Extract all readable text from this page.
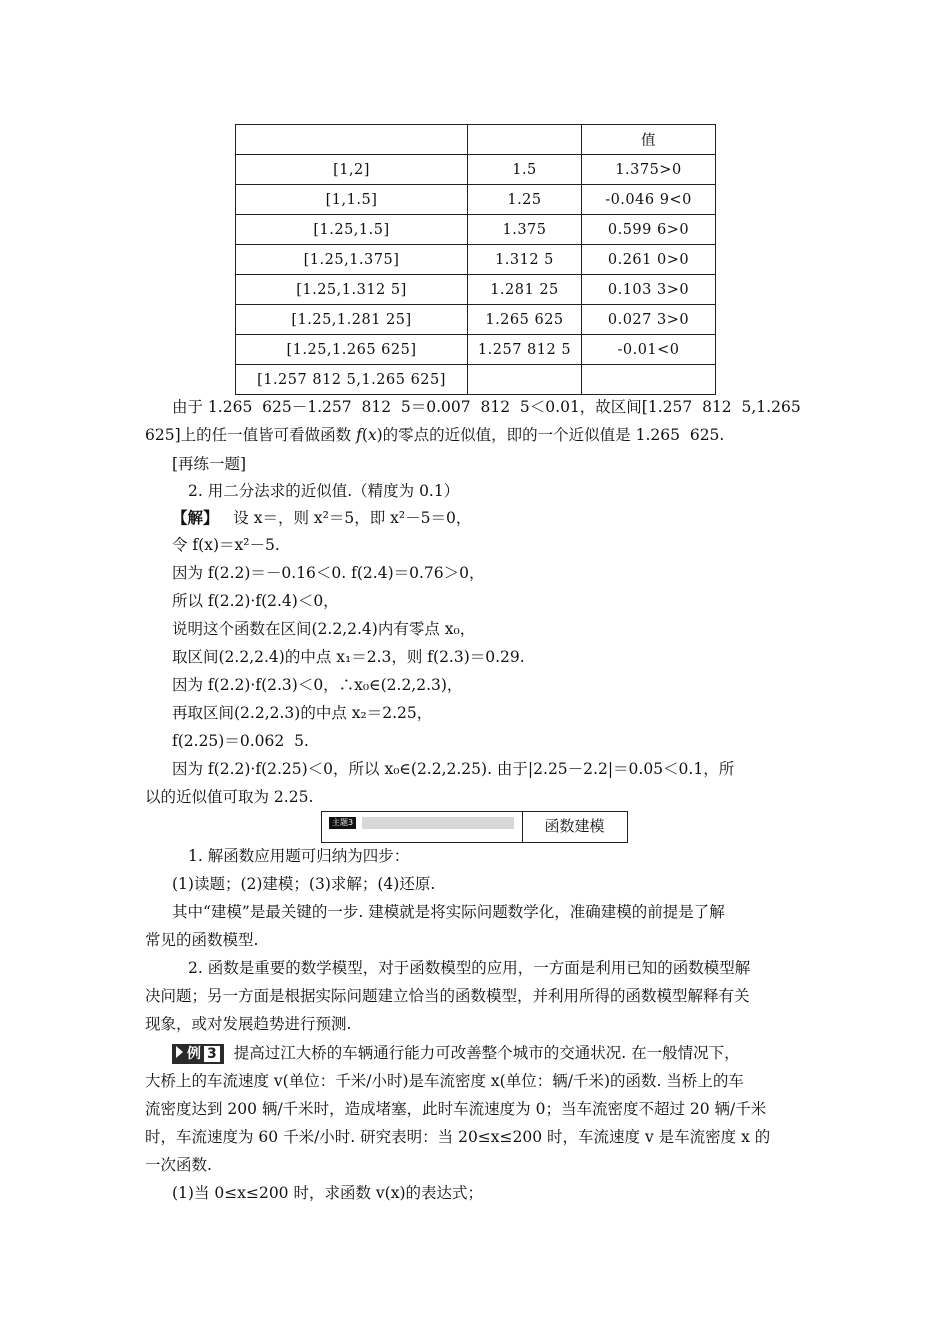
		值
[1,2]	1.5	1.375>0
[1,1.5]	1.25	-0.046 9<0
[1.25,1.5]	1.375	0.599 6>0
[1.25,1.375]	1.312 5	0.261 0>0
[1.25,1.312 5]	1.281 25	0.103 3>0
[1.25,1.281 25]	1.265 625	0.027 3>0
[1.25,1.265 625]	1.257 812 5	-0.01<0
[1.257 812 5,1.265 625]		
由于 1.265  625－1.257  812  5＝0.007  812  5＜0.01，故区间[1.257  812  5,1.265
625]上的任一值皆可看做函数 f(x)的零点的近似值，即的一个近似值是 1.265  625.
[再练一题]
2. 用二分法求的近似值.（精度为 0.1）
【解】 设 x＝，则 x²＝5，即 x²－5＝0，
令 f(x)＝x²－5.
因为 f(2.2)＝－0.16＜0. f(2.4)＝0.76＞0，
所以 f(2.2)·f(2.4)＜0，
说明这个函数在区间(2.2,2.4)内有零点 x₀，
取区间(2.2,2.4)的中点 x₁＝2.3，则 f(2.3)＝0.29.
因为 f(2.2)·f(2.3)＜0，∴x₀∈(2.2,2.3)，
再取区间(2.2,2.3)的中点 x₂＝2.25，
f(2.25)＝0.062  5.
因为 f(2.2)·f(2.25)＜0，所以 x₀∈(2.2,2.25). 由于|2.25－2.2|＝0.05＜0.1，所
以的近似值可取为 2.25.
主题3	函数建模
1. 解函数应用题可归纳为四步：
(1)读题；(2)建模；(3)求解；(4)还原.
其中“建模”是最关键的一步. 建模就是将实际问题数学化，准确建模的前提是了解
常见的函数模型.
2. 函数是重要的数学模型，对于函数模型的应用，一方面是利用已知的函数模型解
决问题；另一方面是根据实际问题建立恰当的函数模型，并利用所得的函数模型解释有关
现象，或对发展趋势进行预测.
例 3 提高过江大桥的车辆通行能力可改善整个城市的交通状况. 在一般情况下，
大桥上的车流速度 v(单位：千米/小时)是车流密度 x(单位：辆/千米)的函数. 当桥上的车
流密度达到 200 辆/千米时，造成堵塞，此时车流速度为 0；当车流密度不超过 20 辆/千米
时，车流速度为 60 千米/小时. 研究表明：当 20≤x≤200 时，车流速度 v 是车流密度 x 的
一次函数.
(1)当 0≤x≤200 时，求函数 v(x)的表达式；
